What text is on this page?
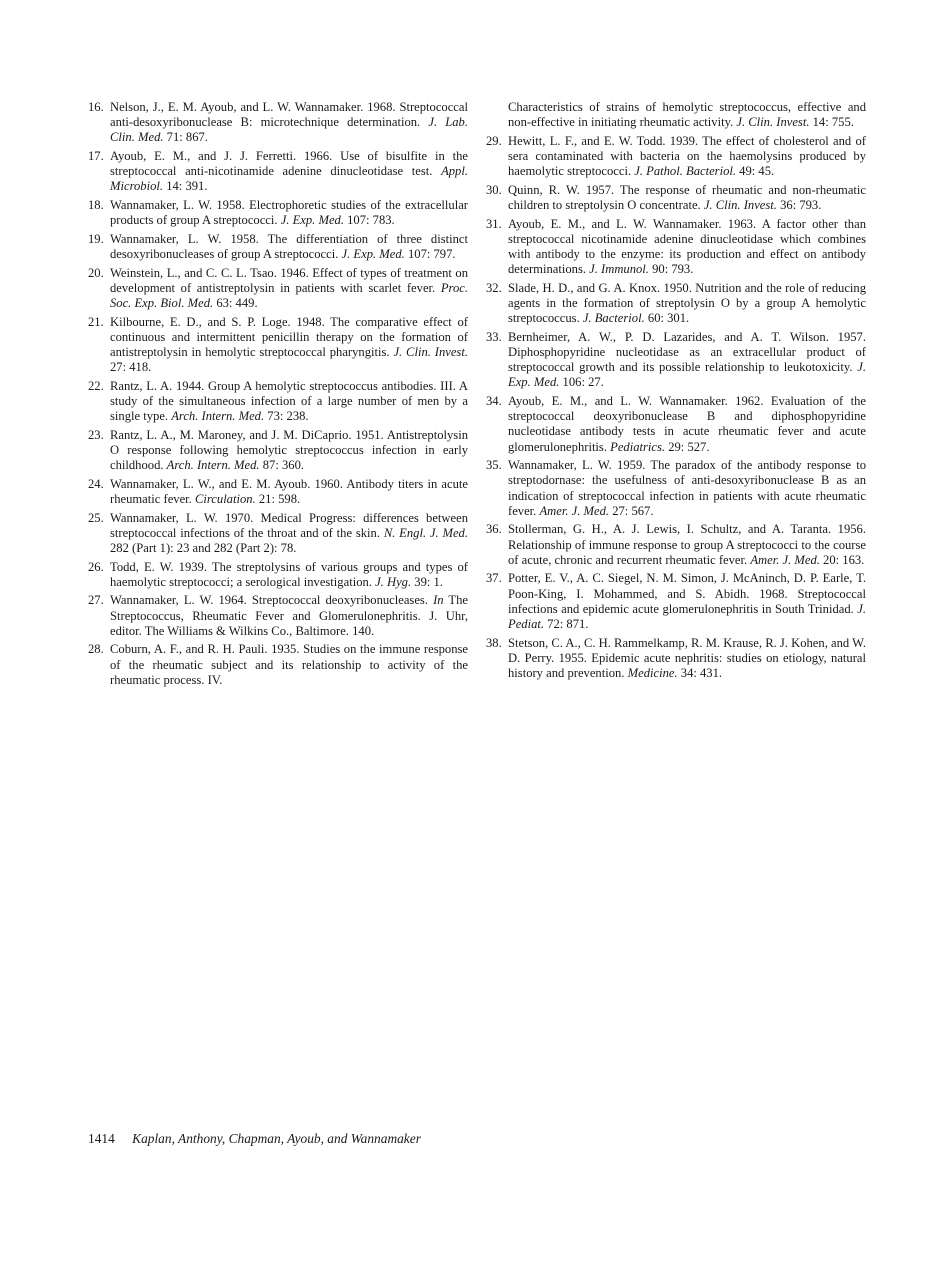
16. Nelson, J., E. M. Ayoub, and L. W. Wannamaker. 1968. Streptococcal anti-desoxyribonuclease B: microtechnique determination. J. Lab. Clin. Med. 71: 867.
17. Ayoub, E. M., and J. J. Ferretti. 1966. Use of bisulfite in the streptococcal anti-nicotinamide adenine dinucleotidase test. Appl. Microbiol. 14: 391.
18. Wannamaker, L. W. 1958. Electrophoretic studies of the extracellular products of group A streptococci. J. Exp. Med. 107: 783.
19. Wannamaker, L. W. 1958. The differentiation of three distinct desoxyribonucleases of group A streptococci. J. Exp. Med. 107: 797.
20. Weinstein, L., and C. C. L. Tsao. 1946. Effect of types of treatment on development of antistreptolysin in patients with scarlet fever. Proc. Soc. Exp. Biol. Med. 63: 449.
21. Kilbourne, E. D., and S. P. Loge. 1948. The comparative effect of continuous and intermittent penicillin therapy on the formation of antistreptolysin in hemolytic streptococcal pharyngitis. J. Clin. Invest. 27: 418.
22. Rantz, L. A. 1944. Group A hemolytic streptococcus antibodies. III. A study of the simultaneous infection of a large number of men by a single type. Arch. Intern. Med. 73: 238.
23. Rantz, L. A., M. Maroney, and J. M. DiCaprio. 1951. Antistreptolysin O response following hemolytic streptococcus infection in early childhood. Arch. Intern. Med. 87: 360.
24. Wannamaker, L. W., and E. M. Ayoub. 1960. Antibody titers in acute rheumatic fever. Circulation. 21: 598.
25. Wannamaker, L. W. 1970. Medical Progress: differences between streptococcal infections of the throat and of the skin. N. Engl. J. Med. 282 (Part 1): 23 and 282 (Part 2): 78.
26. Todd, E. W. 1939. The streptolysins of various groups and types of haemolytic streptococci; a serological investigation. J. Hyg. 39: 1.
27. Wannamaker, L. W. 1964. Streptococcal deoxyribonucleases. In The Streptococcus, Rheumatic Fever and Glomerulonephritis. J. Uhr, editor. The Williams & Wilkins Co., Baltimore. 140.
28. Coburn, A. F., and R. H. Pauli. 1935. Studies on the immune response of the rheumatic subject and its relationship to activity of the rheumatic process. IV.
Characteristics of strains of hemolytic streptococcus, effective and non-effective in initiating rheumatic activity. J. Clin. Invest. 14: 755.
29. Hewitt, L. F., and E. W. Todd. 1939. The effect of cholesterol and of sera contaminated with bacteria on the haemolysins produced by haemolytic streptococci. J. Pathol. Bacteriol. 49: 45.
30. Quinn, R. W. 1957. The response of rheumatic and non-rheumatic children to streptolysin O concentrate. J. Clin. Invest. 36: 793.
31. Ayoub, E. M., and L. W. Wannamaker. 1963. A factor other than streptococcal nicotinamide adenine dinucleotidase which combines with antibody to the enzyme: its production and effect on antibody determinations. J. Immunol. 90: 793.
32. Slade, H. D., and G. A. Knox. 1950. Nutrition and the role of reducing agents in the formation of streptolysin O by a group A hemolytic streptococcus. J. Bacteriol. 60: 301.
33. Bernheimer, A. W., P. D. Lazarides, and A. T. Wilson. 1957. Diphosphopyridine nucleotidase as an extracellular product of streptococcal growth and its possible relationship to leukotoxicity. J. Exp. Med. 106: 27.
34. Ayoub, E. M., and L. W. Wannamaker. 1962. Evaluation of the streptococcal deoxyribonuclease B and diphosphopyridine nucleotidase antibody tests in acute rheumatic fever and acute glomerulonephritis. Pediatrics. 29: 527.
35. Wannamaker, L. W. 1959. The paradox of the antibody response to streptodornase: the usefulness of anti-desoxyribonuclease B as an indication of streptococcal infection in patients with acute rheumatic fever. Amer. J. Med. 27: 567.
36. Stollerman, G. H., A. J. Lewis, I. Schultz, and A. Taranta. 1956. Relationship of immune response to group A streptococci to the course of acute, chronic and recurrent rheumatic fever. Amer. J. Med. 20: 163.
37. Potter, E. V., A. C. Siegel, N. M. Simon, J. McAninch, D. P. Earle, T. Poon-King, I. Mohammed, and S. Abidh. 1968. Streptococcal infections and epidemic acute glomerulonephritis in South Trinidad. J. Pediat. 72: 871.
38. Stetson, C. A., C. H. Rammelkamp, R. M. Krause, R. J. Kohen, and W. D. Perry. 1955. Epidemic acute nephritis: studies on etiology, natural history and prevention. Medicine. 34: 431.
1414 Kaplan, Anthony, Chapman, Ayoub, and Wannamaker
